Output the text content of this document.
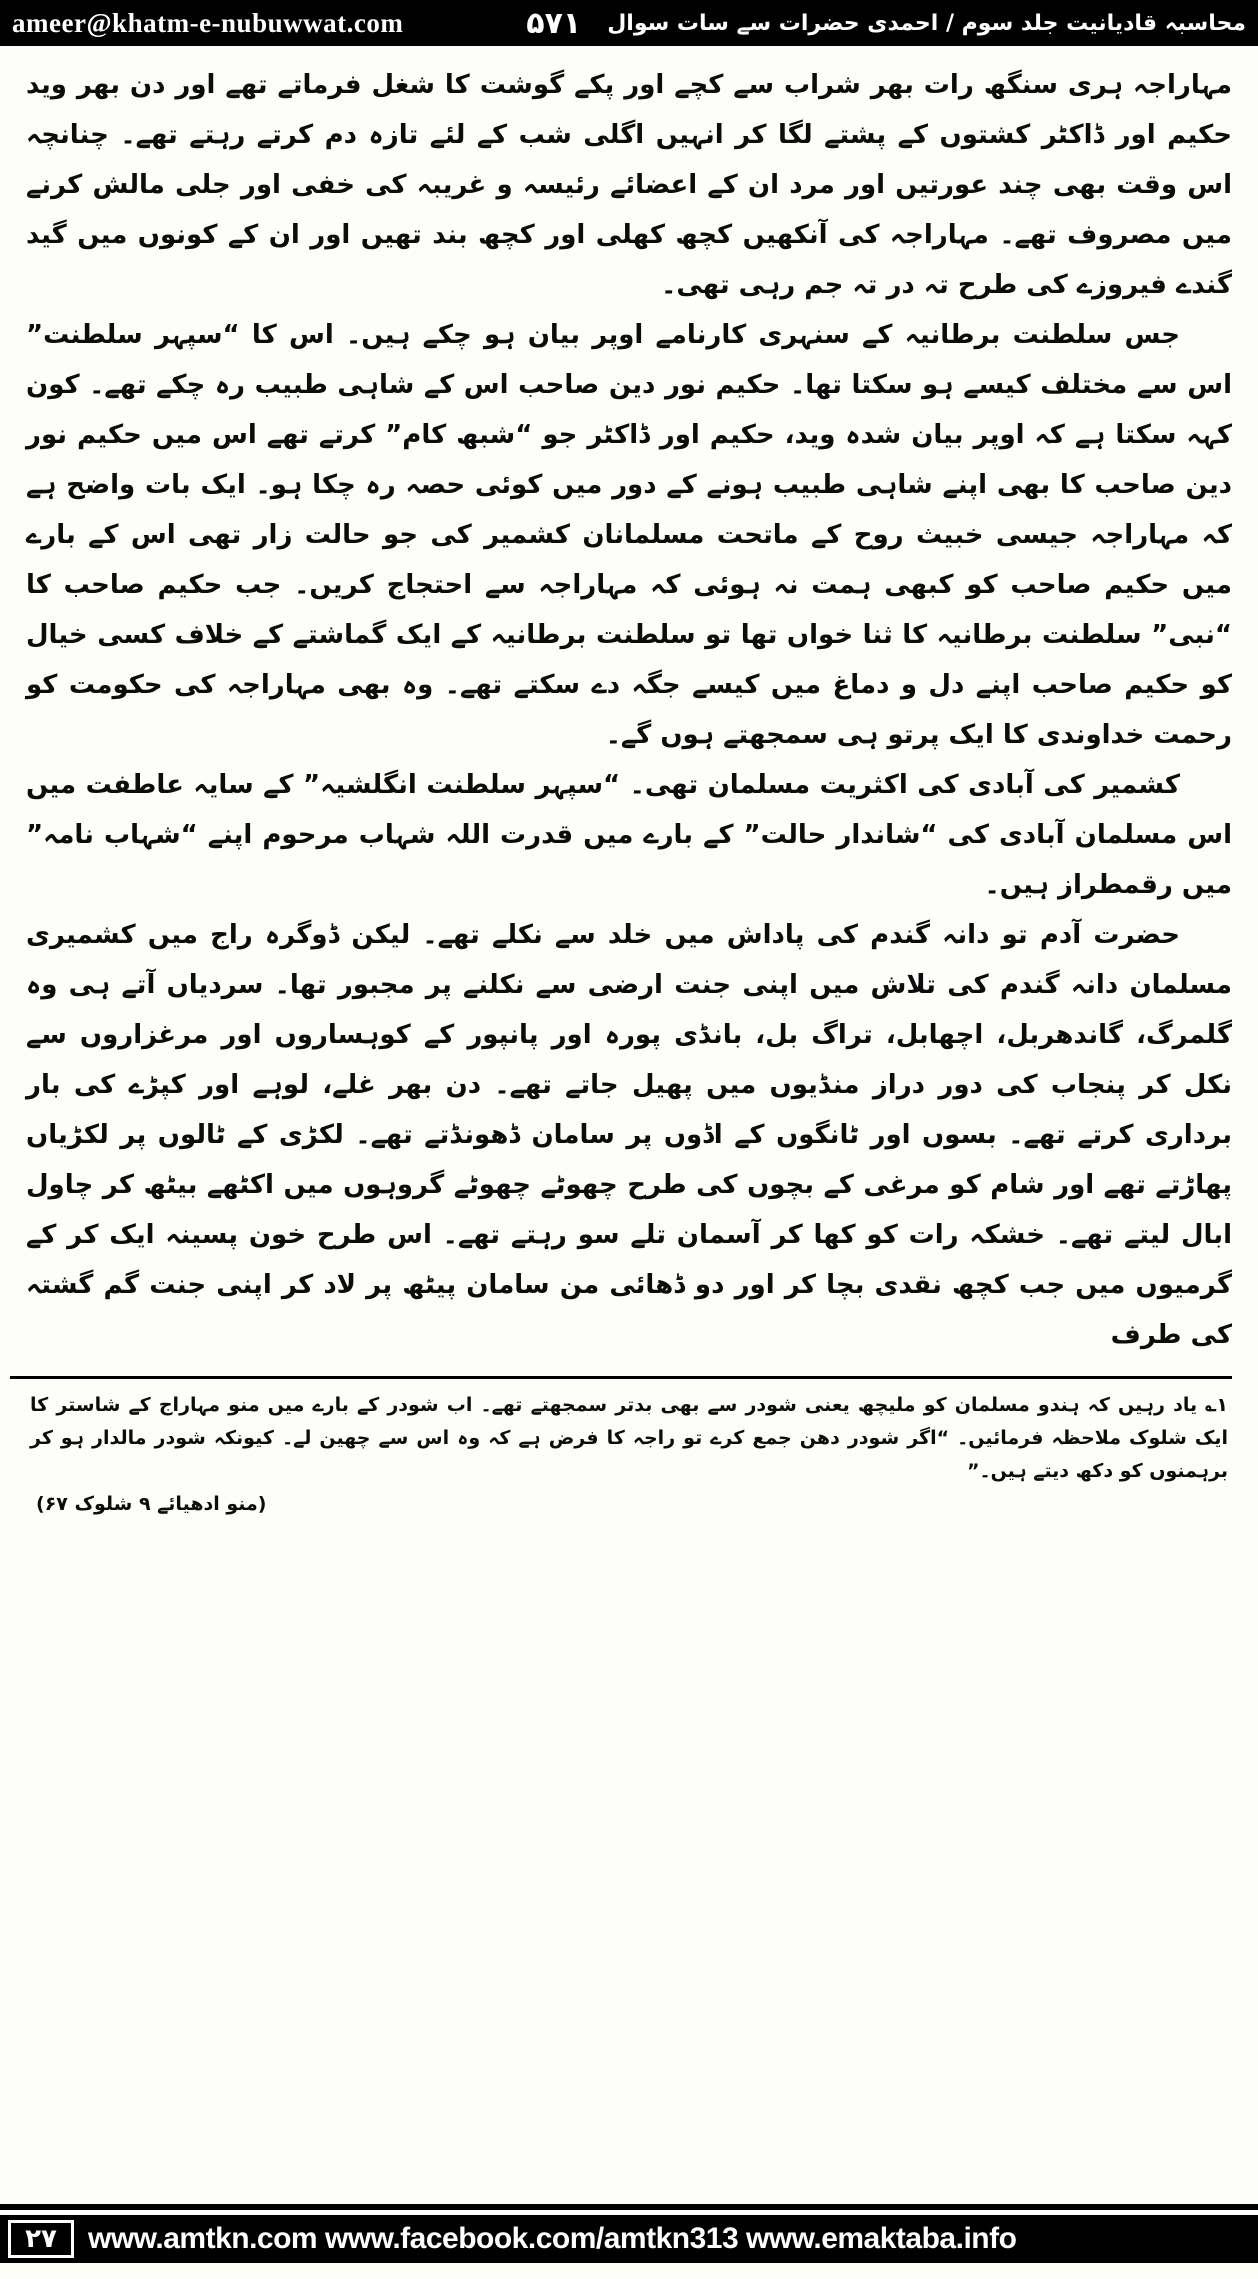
ameer@khatm-e-nubuwwat.com	۵۷۱ محاسبہ قادیانیت جلد سوم / احمدی حضرات سے سات سوال

مہاراجہ ہری سنگھ رات بھر شراب سے کچے اور پکے گوشت کا شغل فرماتے تھے اور دن بھر وید حکیم اور ڈاکٹر کشتوں کے پشتے لگا کر انہیں اگلی شب کے لئے تازہ دم کرتے رہتے تھے۔ چنانچہ اس وقت بھی چند عورتیں اور مرد ان کے اعضائے رئیسہ و غریبہ کی خفی اور جلی مالش کرنے میں مصروف تھے۔ مہاراجہ کی آنکھیں کچھ کھلی اور کچھ بند تھیں اور ان کے کونوں میں گید گندے فیروزے کی طرح تہ در تہ جم رہی تھی۔

جس سلطنت برطانیہ کے سنہری کارنامے اوپر بیان ہو چکے ہیں۔ اس کا “سپہر سلطنت” اس سے مختلف کیسے ہو سکتا تھا۔ حکیم نور دین صاحب اس کے شاہی طبیب رہ چکے تھے۔ کون کہہ سکتا ہے کہ اوپر بیان شدہ وید، حکیم اور ڈاکٹر جو “شبھ کام” کرتے تھے اس میں حکیم نور دین صاحب کا بھی اپنے شاہی طبیب ہونے کے دور میں کوئی حصہ رہ چکا ہو۔ ایک بات واضح ہے کہ مہاراجہ جیسی خبیث روح کے ماتحت مسلمانان کشمیر کی جو حالت زار تھی اس کے بارے میں حکیم صاحب کو کبھی ہمت نہ ہوئی کہ مہاراجہ سے احتجاج کریں۔ جب حکیم صاحب کا “نبی” سلطنت برطانیہ کا ثنا خواں تھا تو سلطنت برطانیہ کے ایک گماشتے کے خلاف کسی خیال کو حکیم صاحب اپنے دل و دماغ میں کیسے جگہ دے سکتے تھے۔ وہ بھی مہاراجہ کی حکومت کو رحمت خداوندی کا ایک پرتو ہی سمجھتے ہوں گے۔

کشمیر کی آبادی کی اکثریت مسلمان تھی۔ “سپہر سلطنت انگلشیہ” کے سایہ عاطفت میں اس مسلمان آبادی کی “شاندار حالت” کے بارے میں قدرت اللہ شہاب مرحوم اپنے “شہاب نامہ” میں رقمطراز ہیں۔

حضرت آدم تو دانہ گندم کی پاداش میں خلد سے نکلے تھے۔ لیکن ڈوگرہ راج میں کشمیری مسلمان دانہ گندم کی تلاش میں اپنی جنت ارضی سے نکلنے پر مجبور تھا۔ سردیاں آتے ہی وہ گلمرگ، گاندھربل، اچھابل، تراگ بل، بانڈی پورہ اور پانپور کے کوہساروں اور مرغزاروں سے نکل کر پنجاب کی دور دراز منڈیوں میں پھیل جاتے تھے۔ دن بھر غلے، لوہے اور کپڑے کی بار برداری کرتے تھے۔ بسوں اور ٹانگوں کے اڈوں پر سامان ڈھونڈتے تھے۔ لکڑی کے ٹالوں پر لکڑیاں پھاڑتے تھے اور شام کو مرغی کے بچوں کی طرح چھوٹے چھوٹے گروہوں میں اکٹھے بیٹھ کر چاول ابال لیتے تھے۔ خشکہ رات کو کھا کر آسمان تلے سو رہتے تھے۔ اس طرح خون پسینہ ایک کر کے گرمیوں میں جب کچھ نقدی بچا کر اور دو ڈھائی من سامان پیٹھ پر لاد کر اپنی جنت گم گشتہ کی طرف

۱؎ یاد رہیں کہ ہندو مسلمان کو ملیچھ یعنی شودر سے بھی بدتر سمجھتے تھے۔ اب شودر کے بارے میں منو مہاراج کے شاستر کا ایک شلوک ملاحظہ فرمائیں۔ “اگر شودر دھن جمع کرے تو راجہ کا فرض ہے کہ وہ اس سے چھین لے۔ کیونکہ شودر مالدار ہو کر برہمنوں کو دکھ دیتے ہیں۔”

(منو ادھیائے ۹ شلوک ۶۷)

۲۷	www.amtkn.com www.facebook.com/amtkn313 www.emaktaba.info
